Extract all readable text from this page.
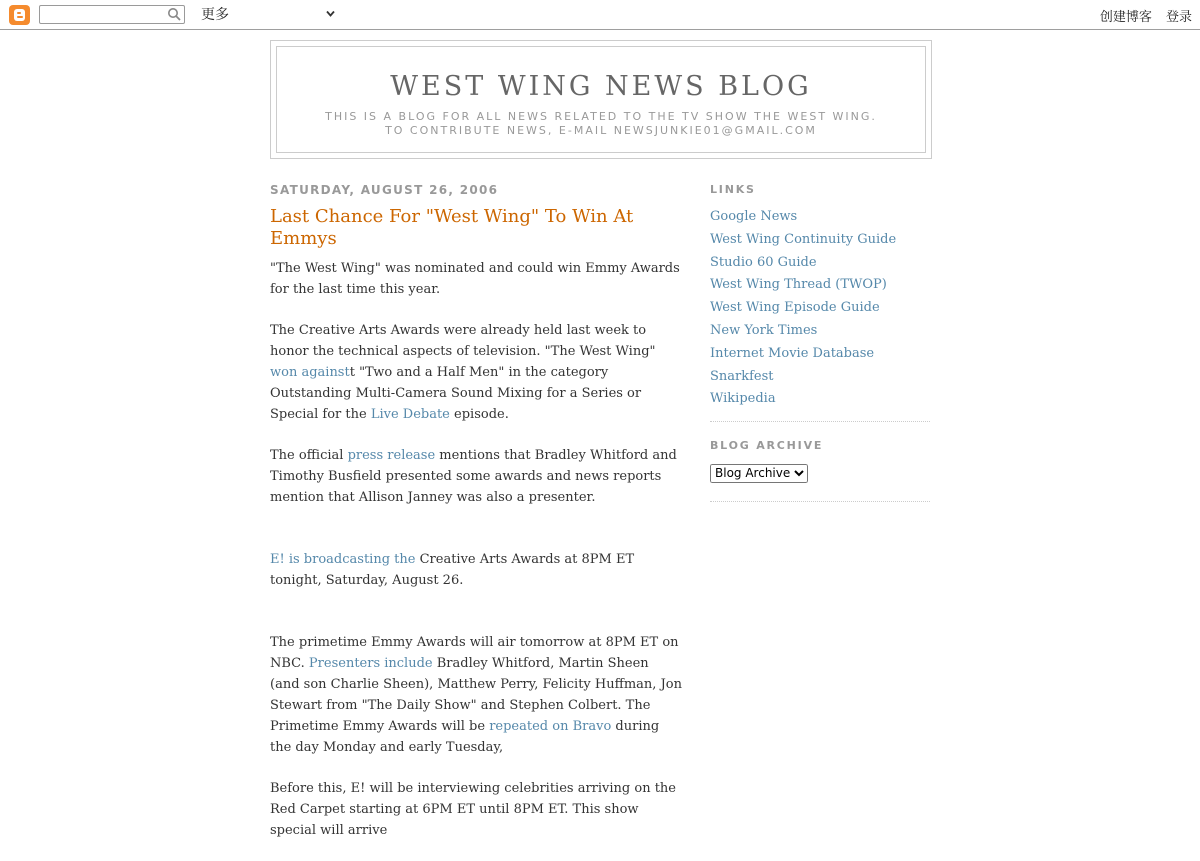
更多	创建博客 登录
WEST WING NEWS BLOG
THIS IS A BLOG FOR ALL NEWS RELATED TO THE TV SHOW THE WEST WING. TO CONTRIBUTE NEWS, E-MAIL NEWSJUNKIE01@GMAIL.COM
SATURDAY, AUGUST 26, 2006
Last Chance For "West Wing" To Win At Emmys

"The West Wing" was nominated and could win Emmy Awards for the last time this year.

The Creative Arts Awards were already held last week to honor the technical aspects of television. "The West Wing" won againstt "Two and a Half Men" in the category Outstanding Multi-Camera Sound Mixing for a Series or Special for the Live Debate episode.

The official press release mentions that Bradley Whitford and Timothy Busfield presented some awards and news reports mention that Allison Janney was also a presenter.

E! is broadcasting the Creative Arts Awards at 8PM ET tonight, Saturday, August 26.

The primetime Emmy Awards will air tomorrow at 8PM ET on NBC. Presenters include Bradley Whitford, Martin Sheen (and son Charlie Sheen), Matthew Perry, Felicity Huffman, Jon Stewart from "The Daily Show" and Stephen Colbert. The Primetime Emmy Awards will be repeated on Bravo during the day Monday and early Tuesday,

Before this, E! will be interviewing celebrities arriving on the Red Carpet starting at 6PM ET until 8PM ET. This show special will arrive

LINKS
Google News
West Wing Continuity Guide
Studio 60 Guide
West Wing Thread (TWOP)
West Wing Episode Guide
New York Times
Internet Movie Database
Snarkfest
Wikipedia
BLOG ARCHIVE
Blog Archive
